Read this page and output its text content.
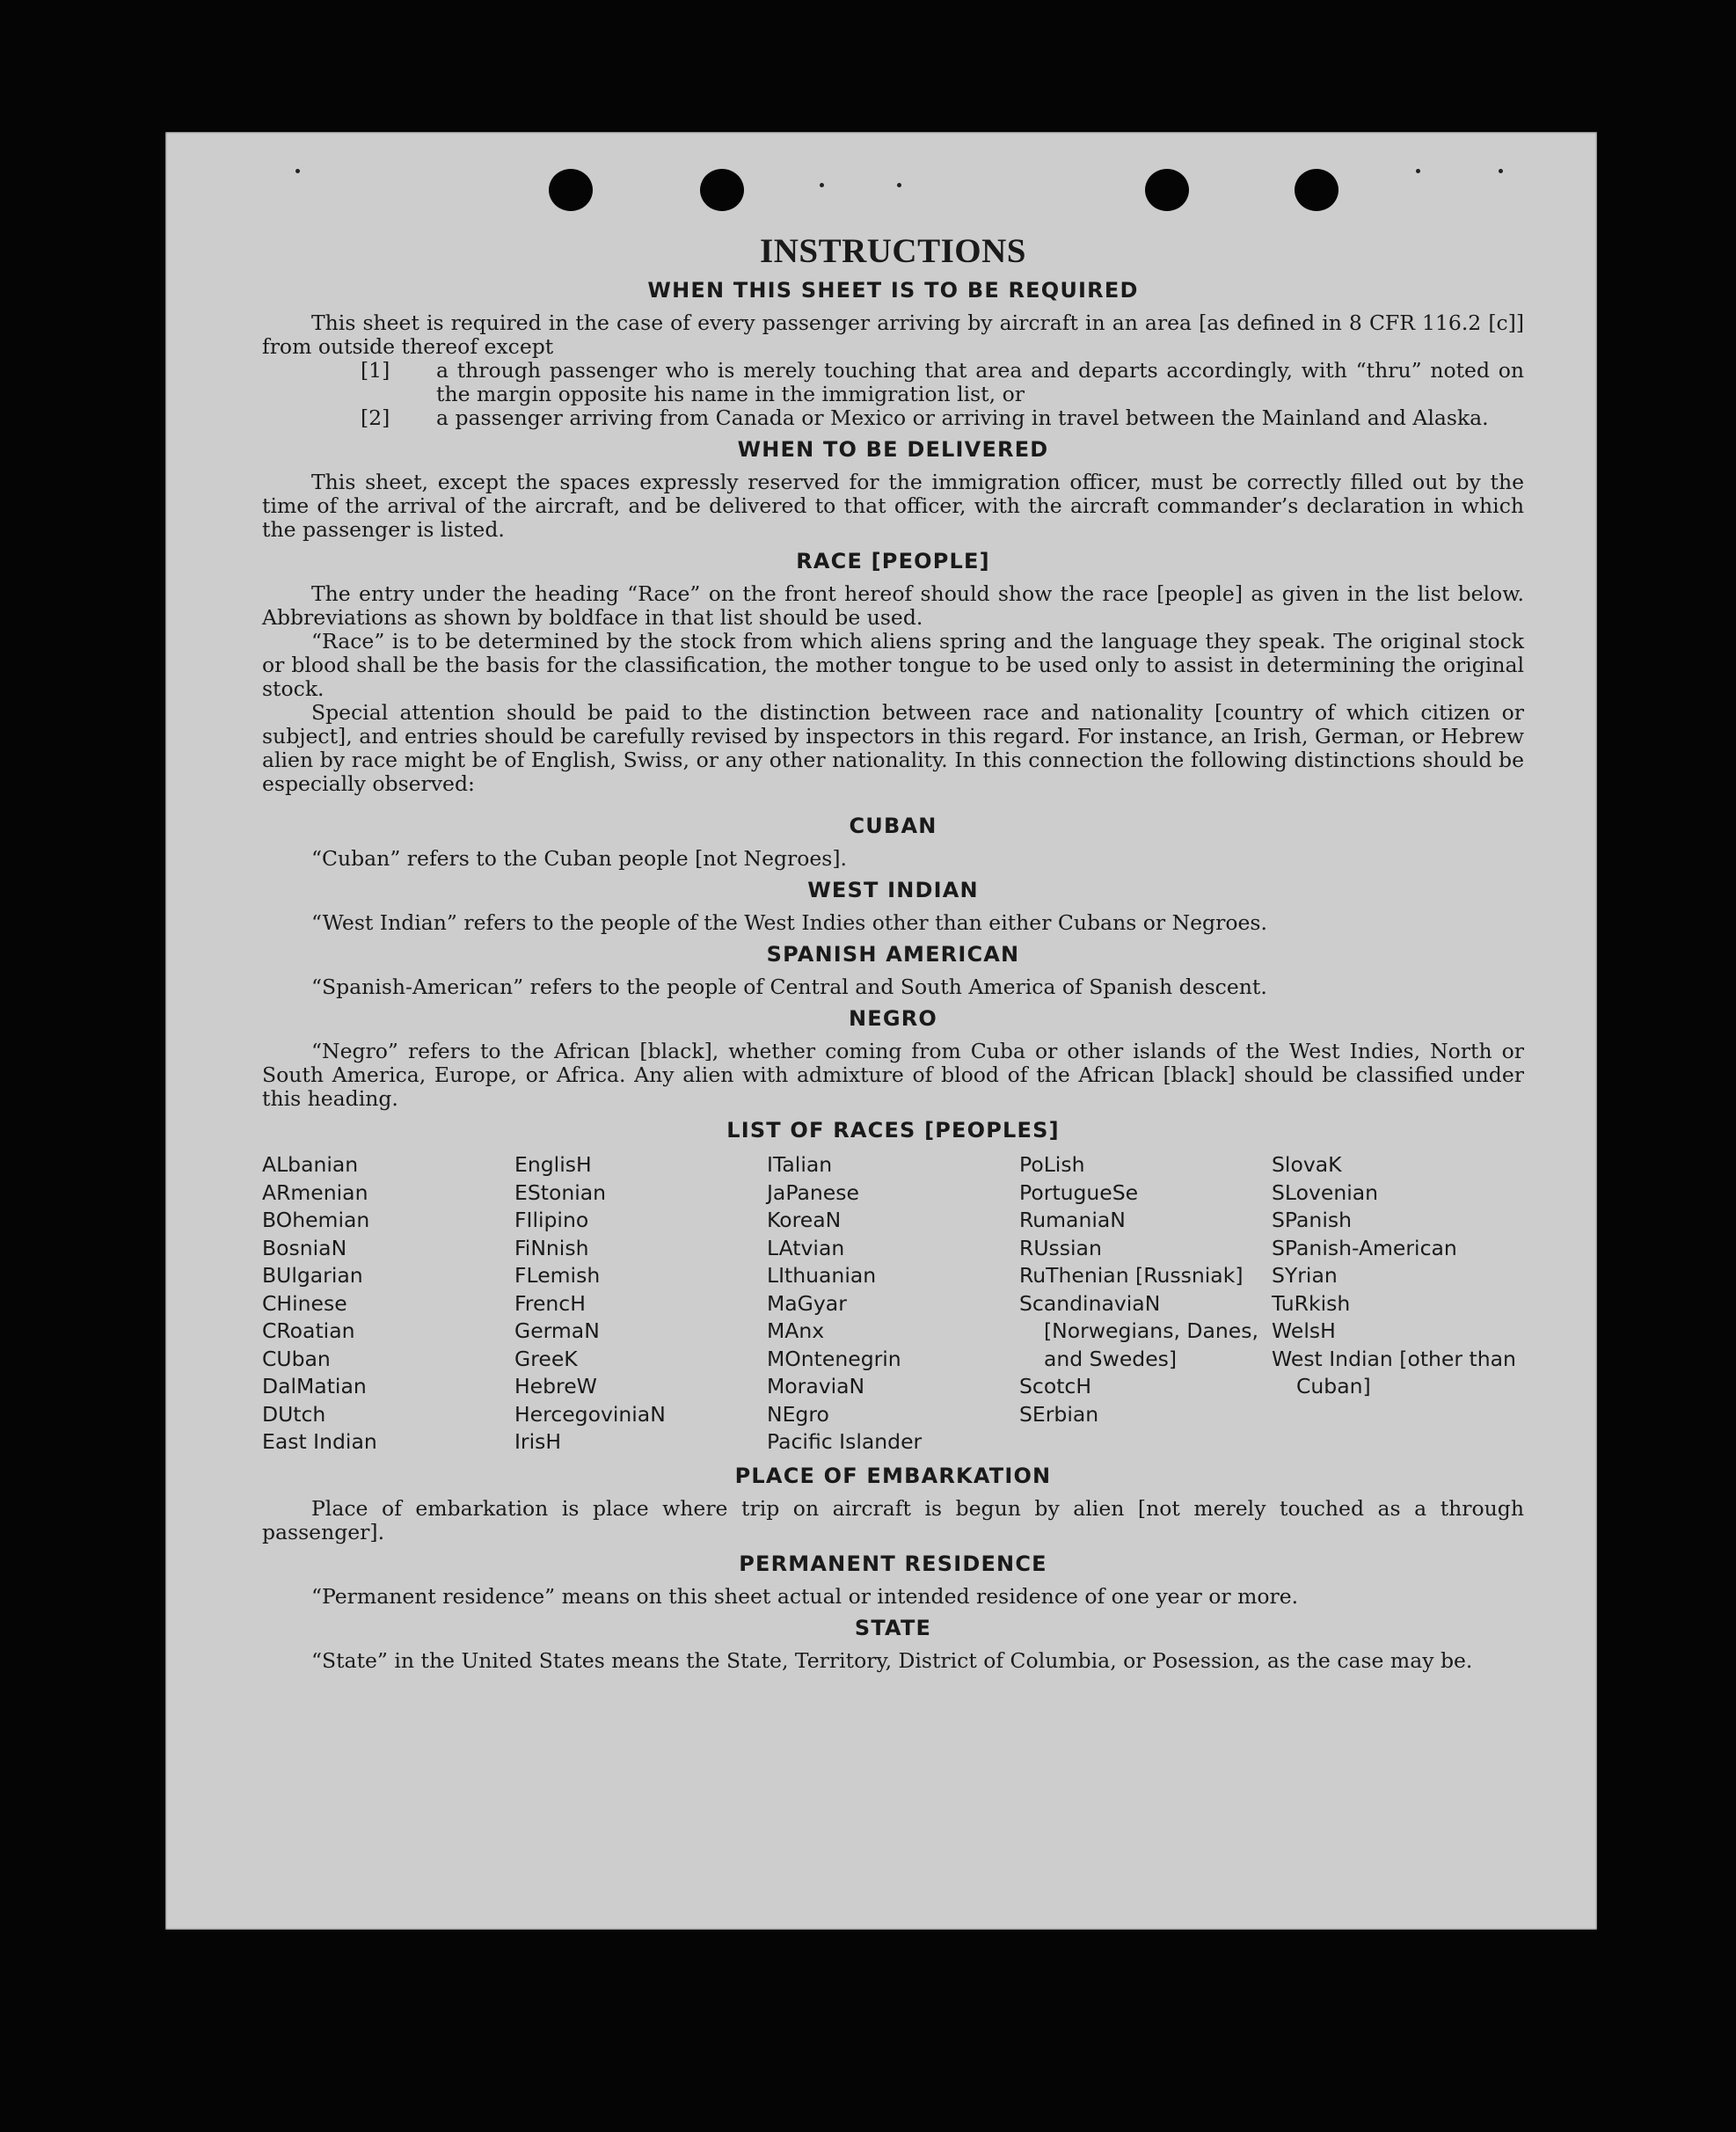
INSTRUCTIONS
WHEN THIS SHEET IS TO BE REQUIRED

This sheet is required in the case of every passenger arriving by aircraft in an area [as defined in 8 CFR 116.2 [c]] from outside thereof except

[1]	a through passenger who is merely touching that area and departs accordingly, with “thru” noted on the margin opposite his name in the immigration list, or
[2]	a passenger arriving from Canada or Mexico or arriving in travel between the Mainland and Alaska.
WHEN TO BE DELIVERED

This sheet, except the spaces expressly reserved for the immigration officer, must be correctly filled out by the time of the arrival of the aircraft, and be delivered to that officer, with the aircraft commander’s declaration in which the passenger is listed.

RACE [PEOPLE]

The entry under the heading “Race” on the front hereof should show the race [people] as given in the list below. Abbreviations as shown by boldface in that list should be used.

“Race” is to be determined by the stock from which aliens spring and the language they speak. The original stock or blood shall be the basis for the classification, the mother tongue to be used only to assist in determining the original stock.

Special attention should be paid to the distinction between race and nationality [country of which citizen or subject], and entries should be carefully revised by inspectors in this regard. For instance, an Irish, German, or Hebrew alien by race might be of English, Swiss, or any other nationality. In this connection the following distinctions should be especially observed:

CUBAN

“Cuban” refers to the Cuban people [not Negroes].

WEST INDIAN

“West Indian” refers to the people of the West Indies other than either Cubans or Negroes.

SPANISH AMERICAN

“Spanish-American” refers to the people of Central and South America of Spanish descent.

NEGRO

“Negro” refers to the African [black], whether coming from Cuba or other islands of the West Indies, North or South America, Europe, or Africa. Any alien with admixture of blood of the African [black] should be classified under this heading.

LIST OF RACES [PEOPLES]
ALbanian
ARmenian
BOhemian
BosniaN
BUlgarian
CHinese
CRoatian
CUban
DalMatian
DUtch
East Indian
EnglisH
EStonian
FIlipino
FiNnish
FLemish
FrencH
GermaN
GreeK
HebreW
HercegoviniaN
IrisH
ITalian
JaPanese
KoreaN
LAtvian
LIthuanian
MaGyar
MAnx
MOntenegrin
MoraviaN
NEgro
Pacific Islander
PoLish
PortugueSe
RumaniaN
RUssian
RuThenian [Russniak]
ScandinaviaN [Norwegians, Danes, and Swedes]
ScotcH
SErbian
SlovaK
SLovenian
SPanish
SPanish-American
SYrian
TuRkish
WelsH
West Indian [other than Cuban]
PLACE OF EMBARKATION

Place of embarkation is place where trip on aircraft is begun by alien [not merely touched as a through passenger].

PERMANENT RESIDENCE

“Permanent residence” means on this sheet actual or intended residence of one year or more.

STATE

“State” in the United States means the State, Territory, District of Columbia, or Posession, as the case may be.
